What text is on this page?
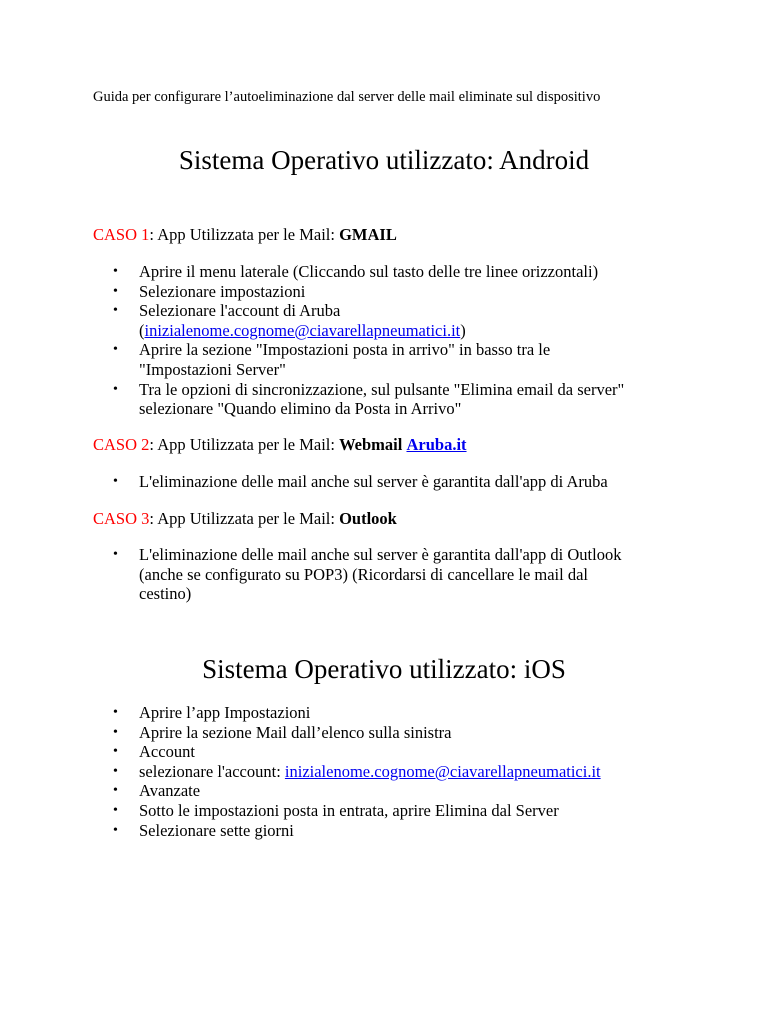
Guida per configurare l’autoeliminazione dal server delle mail eliminate sul dispositivo
Sistema Operativo utilizzato: Android
CASO 1: App Utilizzata per le Mail: GMAIL
• Aprire il menu laterale (Cliccando sul tasto delle tre linee orizzontali)
• Selezionare impostazioni
• Selezionare l'account di Aruba
(inizialenome.cognome@ciavarellapneumatici.it)
• Aprire la sezione "Impostazioni posta in arrivo" in basso tra le
"Impostazioni Server"
• Tra le opzioni di sincronizzazione, sul pulsante "Elimina email da server"
selezionare "Quando elimino da Posta in Arrivo"
CASO 2: App Utilizzata per le Mail: Webmail Aruba.it
• L'eliminazione delle mail anche sul server è garantita dall'app di Aruba
CASO 3: App Utilizzata per le Mail: Outlook
• L'eliminazione delle mail anche sul server è garantita dall'app di Outlook
(anche se configurato su POP3) (Ricordarsi di cancellare le mail dal
cestino)
Sistema Operativo utilizzato: iOS
• Aprire l’app Impostazioni
• Aprire la sezione Mail dall’elenco sulla sinistra
• Account
• selezionare l'account: inizialenome.cognome@ciavarellapneumatici.it
• Avanzate
• Sotto le impostazioni posta in entrata, aprire Elimina dal Server
• Selezionare sette giorni
